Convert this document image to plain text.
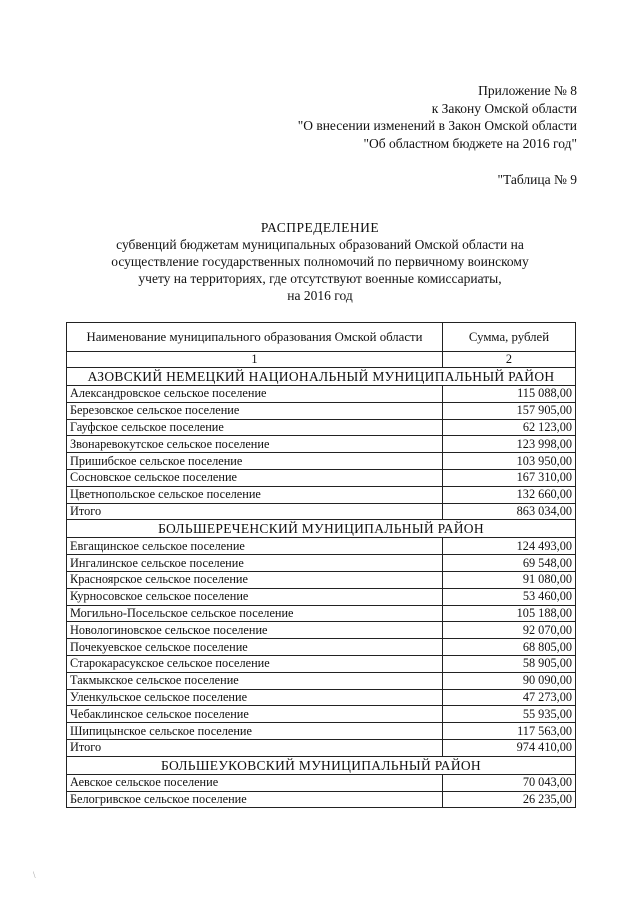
Приложение № 8
к Закону Омской области
"О внесении изменений в Закон Омской области
"Об областном бюджете на 2016 год"
"Таблица № 9
РАСПРЕДЕЛЕНИЕ
субвенций бюджетам муниципальных образований Омской области на
осуществление государственных полномочий по первичному воинскому
учету на территориях, где отсутствуют военные комиссариаты,
на 2016 год
Наименование муниципального образования Омской области	Сумма, рублей
1	2
АЗОВСКИЙ НЕМЕЦКИЙ НАЦИОНАЛЬНЫЙ МУНИЦИПАЛЬНЫЙ РАЙОН	
Александровское сельское поселение	115 088,00
Березовское сельское поселение	157 905,00
Гауфское сельское поселение	62 123,00
Звонаревокутское сельское поселение	123 998,00
Пришибское сельское поселение	103 950,00
Сосновское сельское поселение	167 310,00
Цветнопольское сельское поселение	132 660,00
Итого	863 034,00
БОЛЬШЕРЕЧЕНСКИЙ МУНИЦИПАЛЬНЫЙ РАЙОН	
Евгащинское сельское поселение	124 493,00
Ингалинское сельское поселение	69 548,00
Красноярское сельское поселение	91 080,00
Курносовское сельское поселение	53 460,00
Могильно-Посельское сельское поселение	105 188,00
Новологиновское сельское поселение	92 070,00
Почекуевское сельское поселение	68 805,00
Старокарасукское сельское поселение	58 905,00
Такмыкское сельское поселение	90 090,00
Уленкульское сельское поселение	47 273,00
Чебаклинское сельское поселение	55 935,00
Шипицынское сельское поселение	117 563,00
Итого	974 410,00
БОЛЬШЕУКОВСКИЙ МУНИЦИПАЛЬНЫЙ РАЙОН	
Аевское сельское поселение	70 043,00
Белогривское сельское поселение	26 235,00
\
